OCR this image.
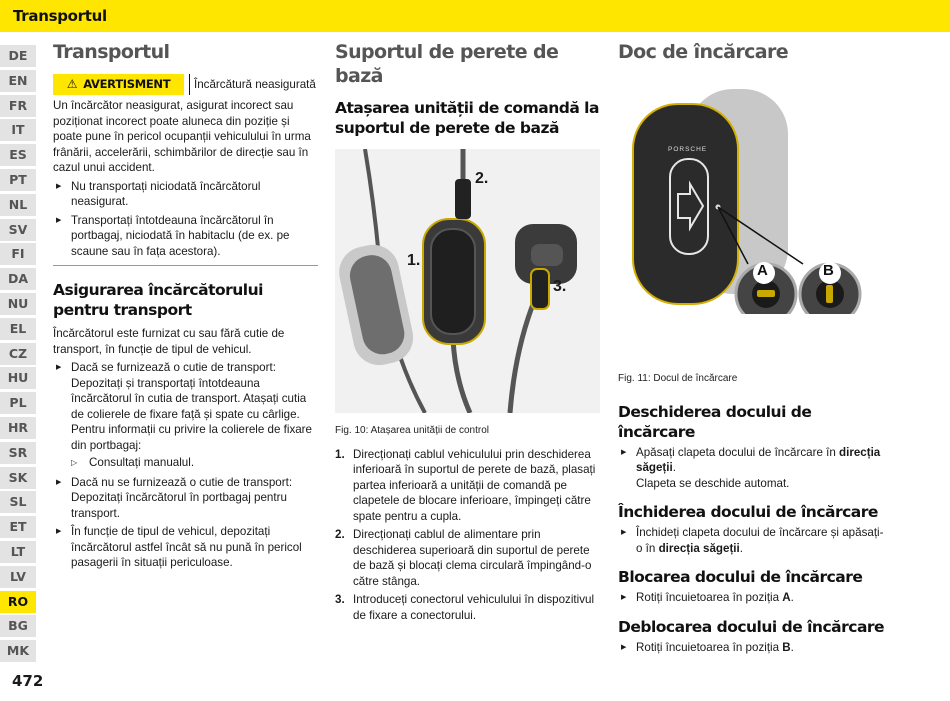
Transportul
DE
EN
FR
IT
ES
PT
NL
SV
FI
DA
NU
EL
CZ
HU
PL
HR
SR
SK
SL
ET
LT
LV
RO
BG
MK
472
Transportul
⚠ AVERTISMENT	Încărcătură neasigurată

Un încărcător neasigurat, asigurat incorect sau poziționat incorect poate aluneca din poziție și poate pune în pericol ocupanții vehiculului în urma frânării, accelerării, schimbărilor de direcție sau în cazul unui accident.

▶ Nu transportați niciodată încărcătorul neasigurat.
▶ Transportați întotdeauna încărcătorul în portbagaj, niciodată în habitaclu (de ex. pe scaune sau în fața acestora).
Asigurarea încărcătorului pentru transport

Încărcătorul este furnizat cu sau fără cutie de transport, în funcție de tipul de vehicul.

▶ Dacă se furnizează o cutie de transport: Depozitați și transportați întotdeauna încărcătorul în cutia de transport. Atașați cutia de colierele de fixare față și spate cu cârlige. Pentru informații cu privire la colierele de fixare din portbagaj:
▷ Consultați manualul.
▶ Dacă nu se furnizează o cutie de transport: Depozitați încărcătorul în portbagaj pentru transport.
▶ În funcție de tipul de vehicul, depozitați încărcătorul astfel încât să nu pună în pericol pasagerii în situații periculoase.
Suportul de perete de bază
Atașarea unității de comandă la suportul de perete de bază
1.
2.
3.
Fig. 10: Atașarea unității de control
1. Direcționați cablul vehiculului prin deschiderea inferioară în suportul de perete de bază, plasați partea inferioară a unității de comandă pe clapetele de blocare inferioare, împingeți către spate pentru a cupla.
2. Direcționați cablul de alimentare prin deschiderea superioară din suportul de perete de bază și blocați clema circulară împingând-o către stânga.
3. Introduceți conectorul vehiculului în dispozitivul de fixare a conectorului.
Doc de încărcare
PORSCHE
A	B
Fig. 11: Docul de încărcare
Deschiderea docului de încărcare
▶ Apăsați clapeta docului de încărcare în direcția săgeții.
Clapeta se deschide automat.
Închiderea docului de încărcare
▶ Închideți clapeta docului de încărcare și apăsați-o în direcția săgeții.
Blocarea docului de încărcare
▶ Rotiți încuietoarea în poziția A.
Deblocarea docului de încărcare
▶ Rotiți încuietoarea în poziția B.
